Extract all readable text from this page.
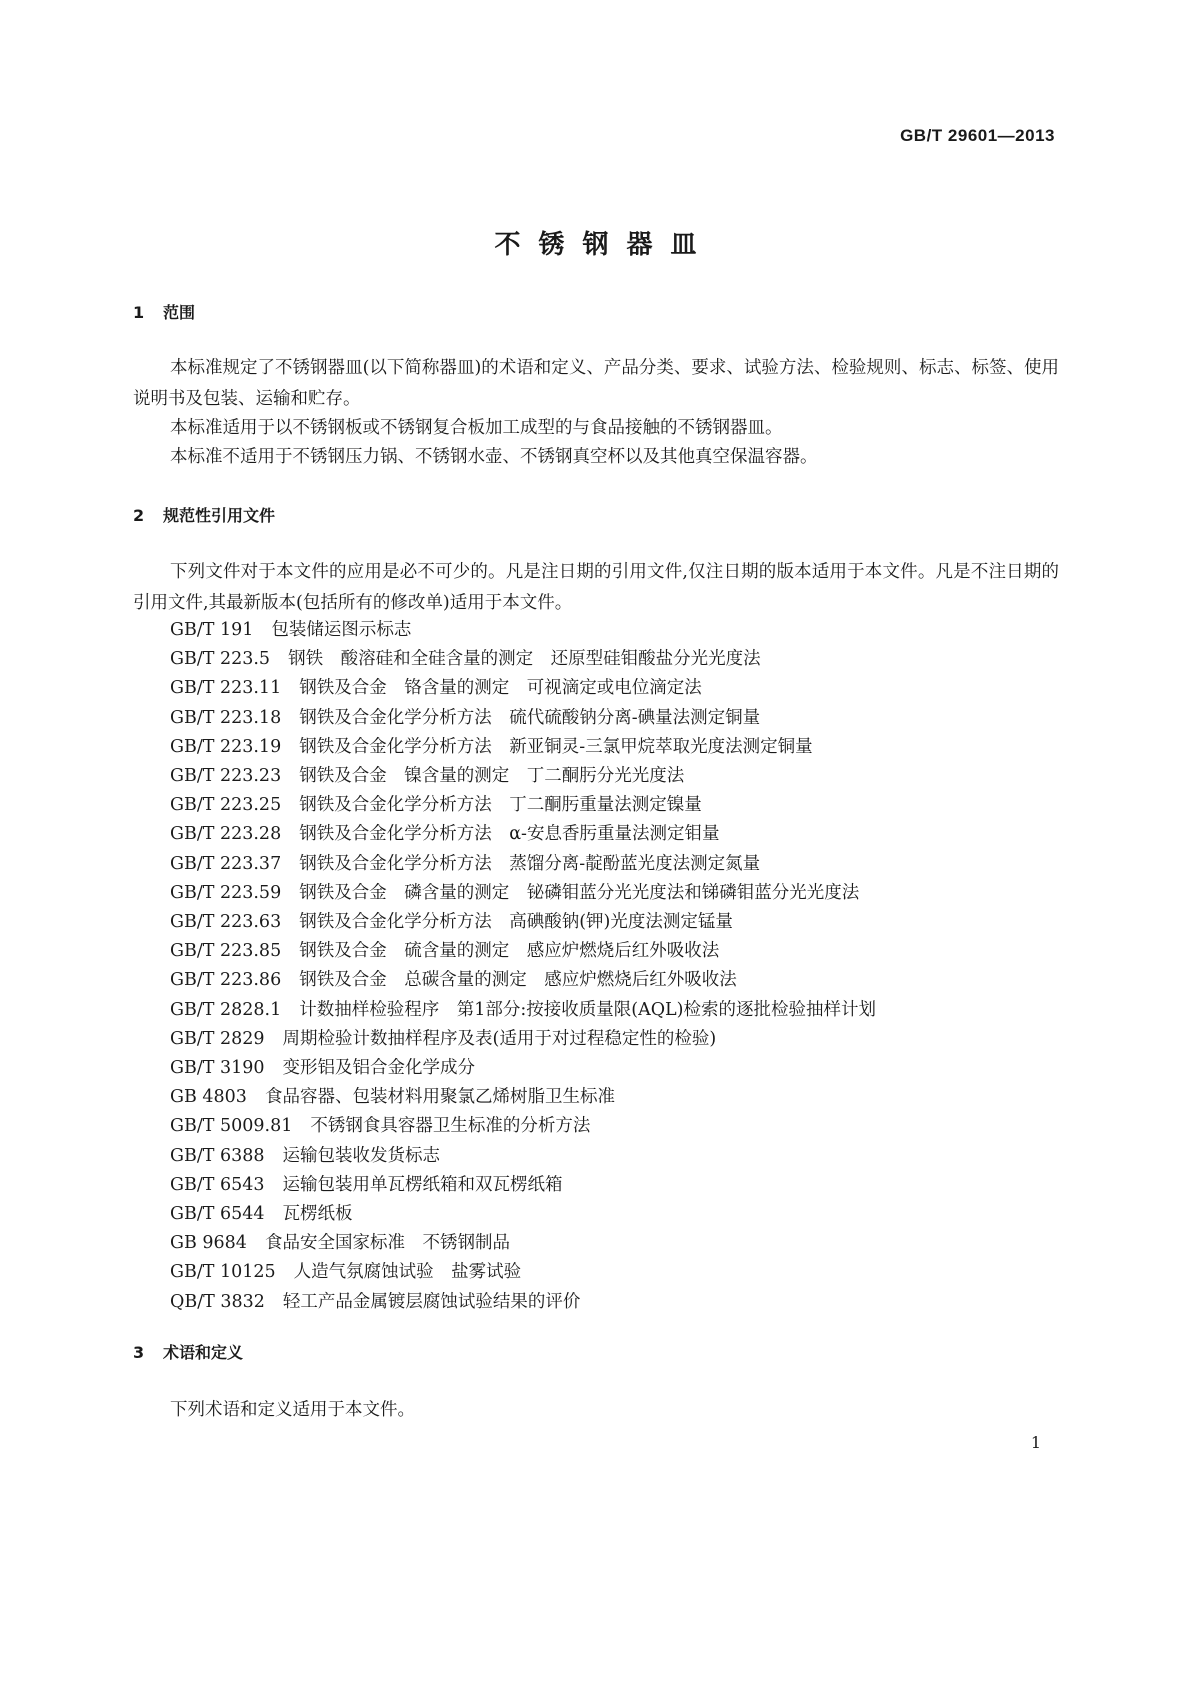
GB/T 29601—2013
不锈钢器皿
1 范围

本标准规定了不锈钢器皿(以下简称器皿)的术语和定义、产品分类、要求、试验方法、检验规则、标志、标签、使用说明书及包装、运输和贮存。

本标准适用于以不锈钢板或不锈钢复合板加工成型的与食品接触的不锈钢器皿。

本标准不适用于不锈钢压力锅、不锈钢水壶、不锈钢真空杯以及其他真空保温容器。

2 规范性引用文件

下列文件对于本文件的应用是必不可少的。凡是注日期的引用文件,仅注日期的版本适用于本文件。凡是不注日期的引用文件,其最新版本(包括所有的修改单)适用于本文件。

GB/T 191 包装储运图示标志
GB/T 223.5 钢铁　酸溶硅和全硅含量的测定　还原型硅钼酸盐分光光度法
GB/T 223.11 钢铁及合金　铬含量的测定　可视滴定或电位滴定法
GB/T 223.18 钢铁及合金化学分析方法　硫代硫酸钠分离-碘量法测定铜量
GB/T 223.19 钢铁及合金化学分析方法　新亚铜灵-三氯甲烷萃取光度法测定铜量
GB/T 223.23 钢铁及合金　镍含量的测定　丁二酮肟分光光度法
GB/T 223.25 钢铁及合金化学分析方法　丁二酮肟重量法测定镍量
GB/T 223.28 钢铁及合金化学分析方法　α-安息香肟重量法测定钼量
GB/T 223.37 钢铁及合金化学分析方法　蒸馏分离-靛酚蓝光度法测定氮量
GB/T 223.59 钢铁及合金　磷含量的测定　铋磷钼蓝分光光度法和锑磷钼蓝分光光度法
GB/T 223.63 钢铁及合金化学分析方法　高碘酸钠(钾)光度法测定锰量
GB/T 223.85 钢铁及合金　硫含量的测定　感应炉燃烧后红外吸收法
GB/T 223.86 钢铁及合金　总碳含量的测定　感应炉燃烧后红外吸收法
GB/T 2828.1 计数抽样检验程序　第1部分:按接收质量限(AQL)检索的逐批检验抽样计划
GB/T 2829 周期检验计数抽样程序及表(适用于对过程稳定性的检验)
GB/T 3190 变形铝及铝合金化学成分
GB 4803 食品容器、包装材料用聚氯乙烯树脂卫生标准
GB/T 5009.81 不锈钢食具容器卫生标准的分析方法
GB/T 6388 运输包装收发货标志
GB/T 6543 运输包装用单瓦楞纸箱和双瓦楞纸箱
GB/T 6544 瓦楞纸板
GB 9684 食品安全国家标准　不锈钢制品
GB/T 10125 人造气氛腐蚀试验　盐雾试验
QB/T 3832 轻工产品金属镀层腐蚀试验结果的评价
3 术语和定义

下列术语和定义适用于本文件。

1
